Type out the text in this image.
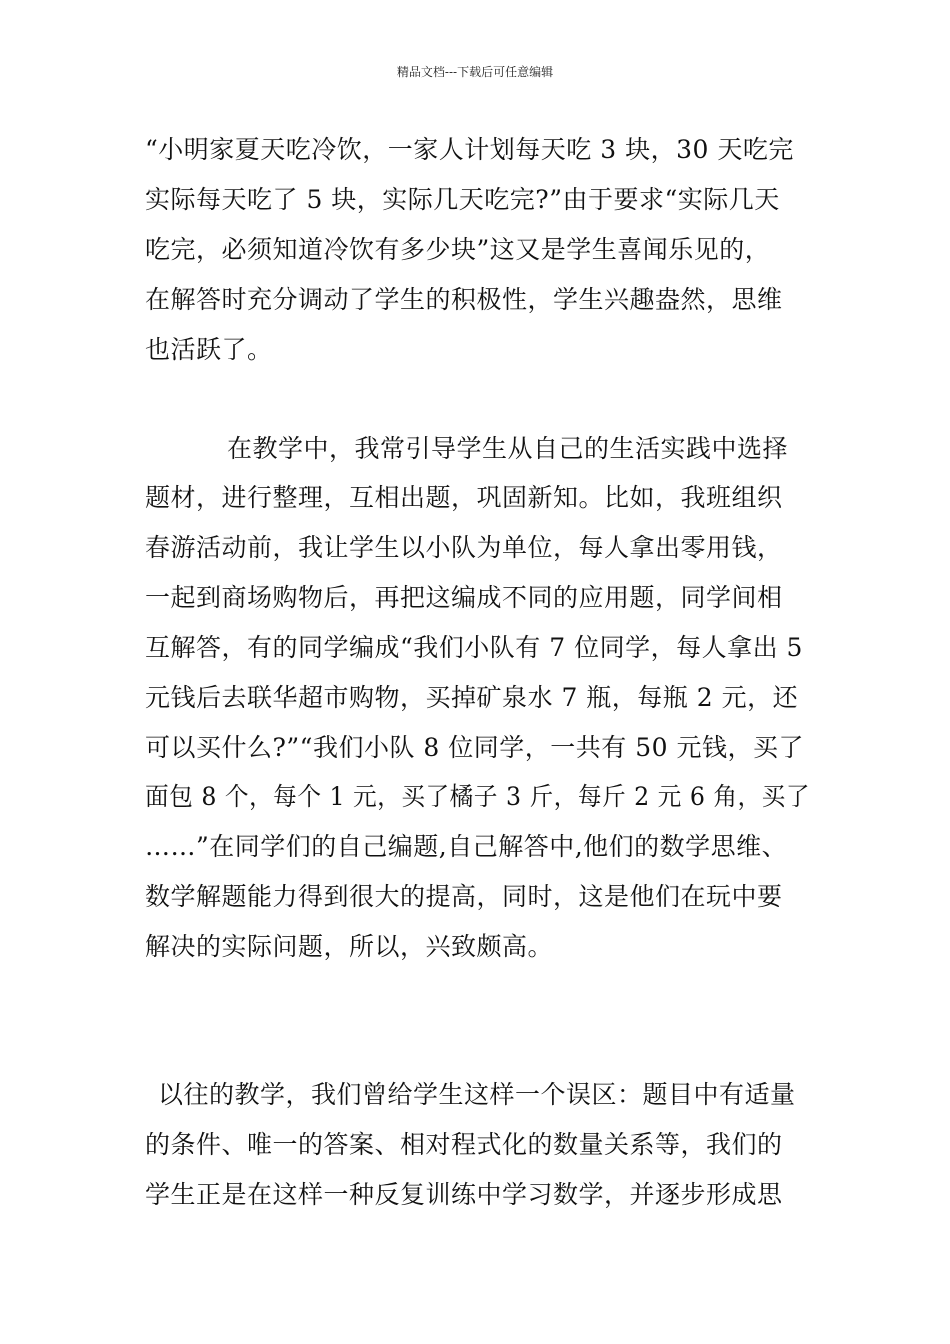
精品文档---下载后可任意编辑
“小明家夏天吃冷饮，一家人计划每天吃 3 块，30 天吃完
实际每天吃了 5 块，实际几天吃完?”由于要求“实际几天
吃完，必须知道冷饮有多少块”这又是学生喜闻乐见的，
在解答时充分调动了学生的积极性，学生兴趣盎然，思维
也活跃了。
在教学中，我常引导学生从自己的生活实践中选择
题材，进行整理，互相出题，巩固新知。比如，我班组织
春游活动前，我让学生以小队为单位，每人拿出零用钱，
一起到商场购物后，再把这编成不同的应用题，同学间相
互解答，有的同学编成“我们小队有 7 位同学，每人拿出 5
元钱后去联华超市购物，买掉矿泉水 7 瓶，每瓶 2 元，还
可以买什么?”“我们小队 8 位同学，一共有 50 元钱，买了
面包 8 个，每个 1 元，买了橘子 3 斤，每斤 2 元 6 角，买了
……”在同学们的自己编题,自己解答中,他们的数学思维、
数学解题能力得到很大的提高，同时，这是他们在玩中要
解决的实际问题，所以，兴致颇高。
以往的教学，我们曾给学生这样一个误区：题目中有适量
的条件、唯一的答案、相对程式化的数量关系等，我们的
学生正是在这样一种反复训练中学习数学，并逐步形成思
